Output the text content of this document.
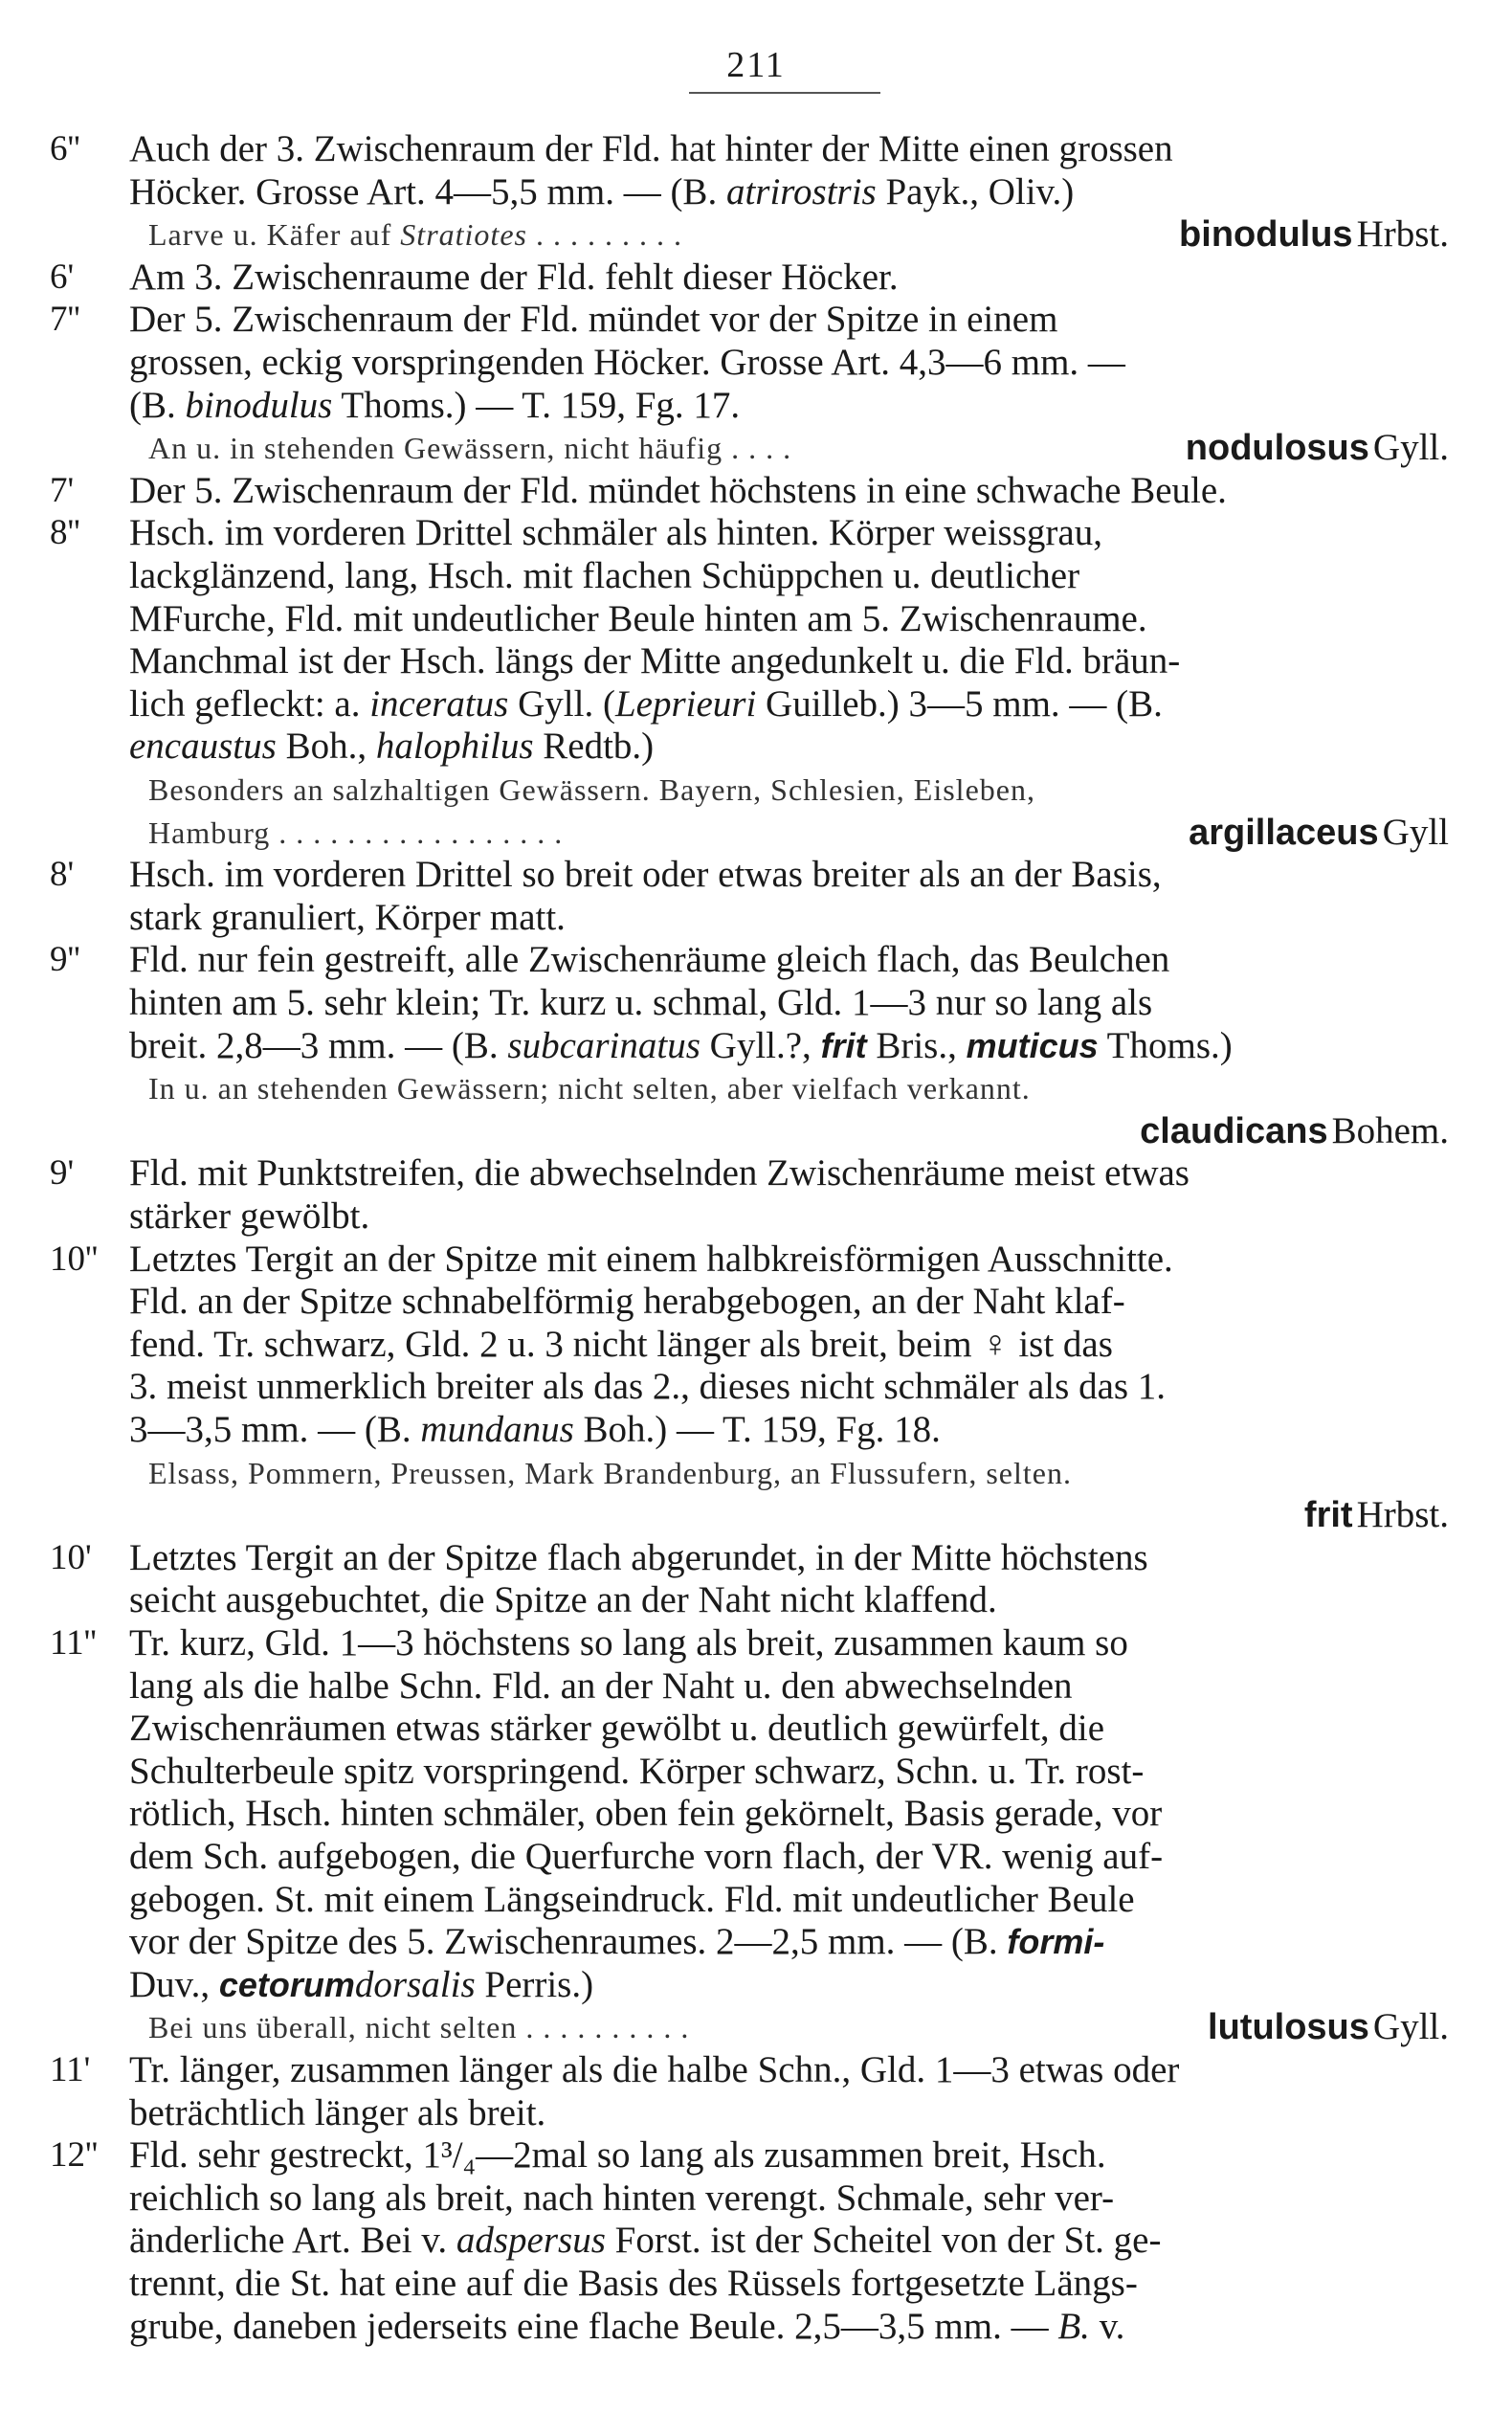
211
6'' Auch der 3. Zwischenraum der Fld. hat hinter der Mitte einen grossen
Höcker. Grosse Art. 4—5,5 mm. — (B. atrirostris Payk., Oliv.)
Larve u. Käfer auf Stratiotes . . . . . . . . .	binodulus Hrbst.
6' Am 3. Zwischenraume der Fld. fehlt dieser Höcker.
7'' Der 5. Zwischenraum der Fld. mündet vor der Spitze in einem
grossen, eckig vorspringenden Höcker. Grosse Art. 4,3—6 mm. —
(B. binodulus Thoms.) — T. 159, Fg. 17.
An u. in stehenden Gewässern, nicht häufig . . . .	nodulosus Gyll.
7' Der 5. Zwischenraum der Fld. mündet höchstens in eine schwache Beule.
8'' Hsch. im vorderen Drittel schmäler als hinten. Körper weissgrau,
lackglänzend, lang, Hsch. mit flachen Schüppchen u. deutlicher
MFurche, Fld. mit undeutlicher Beule hinten am 5. Zwischenraume.
Manchmal ist der Hsch. längs der Mitte angedunkelt u. die Fld. bräun-
lich gefleckt: a. inceratus Gyll. (Leprieuri Guilleb.) 3—5 mm. — (B.
encaustus Boh., halophilus Redtb.)
Besonders an salzhaltigen Gewässern. Bayern, Schlesien, Eisleben,
Hamburg . . . . . . . . . . . . . . . . .	argillaceus Gyll
8' Hsch. im vorderen Drittel so breit oder etwas breiter als an der Basis,
stark granuliert, Körper matt.
9'' Fld. nur fein gestreift, alle Zwischenräume gleich flach, das Beulchen
hinten am 5. sehr klein; Tr. kurz u. schmal, Gld. 1—3 nur so lang als
breit. 2,8—3 mm. — (B. subcarinatus Gyll.?, frit Bris., muticus Thoms.)
In u. an stehenden Gewässern; nicht selten, aber vielfach verkannt.
claudicans Bohem.
9' Fld. mit Punktstreifen, die abwechselnden Zwischenräume meist etwas
stärker gewölbt.
10'' Letztes Tergit an der Spitze mit einem halbkreisförmigen Ausschnitte.
Fld. an der Spitze schnabelförmig herabgebogen, an der Naht klaf-
fend. Tr. schwarz, Gld. 2 u. 3 nicht länger als breit, beim ♀ ist das
3. meist unmerklich breiter als das 2., dieses nicht schmäler als das 1.
3—3,5 mm. — (B. mundanus Boh.) — T. 159, Fg. 18.
Elsass, Pommern, Preussen, Mark Brandenburg, an Flussufern, selten.
frit Hrbst.
10' Letztes Tergit an der Spitze flach abgerundet, in der Mitte höchstens
seicht ausgebuchtet, die Spitze an der Naht nicht klaffend.
11'' Tr. kurz, Gld. 1—3 höchstens so lang als breit, zusammen kaum so
lang als die halbe Schn. Fld. an der Naht u. den abwechselnden
Zwischenräumen etwas stärker gewölbt u. deutlich gewürfelt, die
Schulterbeule spitz vorspringend. Körper schwarz, Schn. u. Tr. rost-
rötlich, Hsch. hinten schmäler, oben fein gekörnelt, Basis gerade, vor
dem Sch. aufgebogen, die Querfurche vorn flach, der VR. wenig auf-
gebogen. St. mit einem Längseindruck. Fld. mit undeutlicher Beule
vor der Spitze des 5. Zwischenraumes. 2—2,5 mm. — (B. formi-
Duv., cetorumdorsalis Perris.)
Bei uns überall, nicht selten . . . . . . . . . .	lutulosus Gyll.
11' Tr. länger, zusammen länger als die halbe Schn., Gld. 1—3 etwas oder
beträchtlich länger als breit.
12'' Fld. sehr gestreckt, 1³/₄—2mal so lang als zusammen breit, Hsch.
reichlich so lang als breit, nach hinten verengt. Schmale, sehr ver-
änderliche Art. Bei v. adspersus Forst. ist der Scheitel von der St. ge-
trennt, die St. hat eine auf die Basis des Rüssels fortgesetzte Längs-
grube, daneben jederseits eine flache Beule. 2,5—3,5 mm. — B. v.
